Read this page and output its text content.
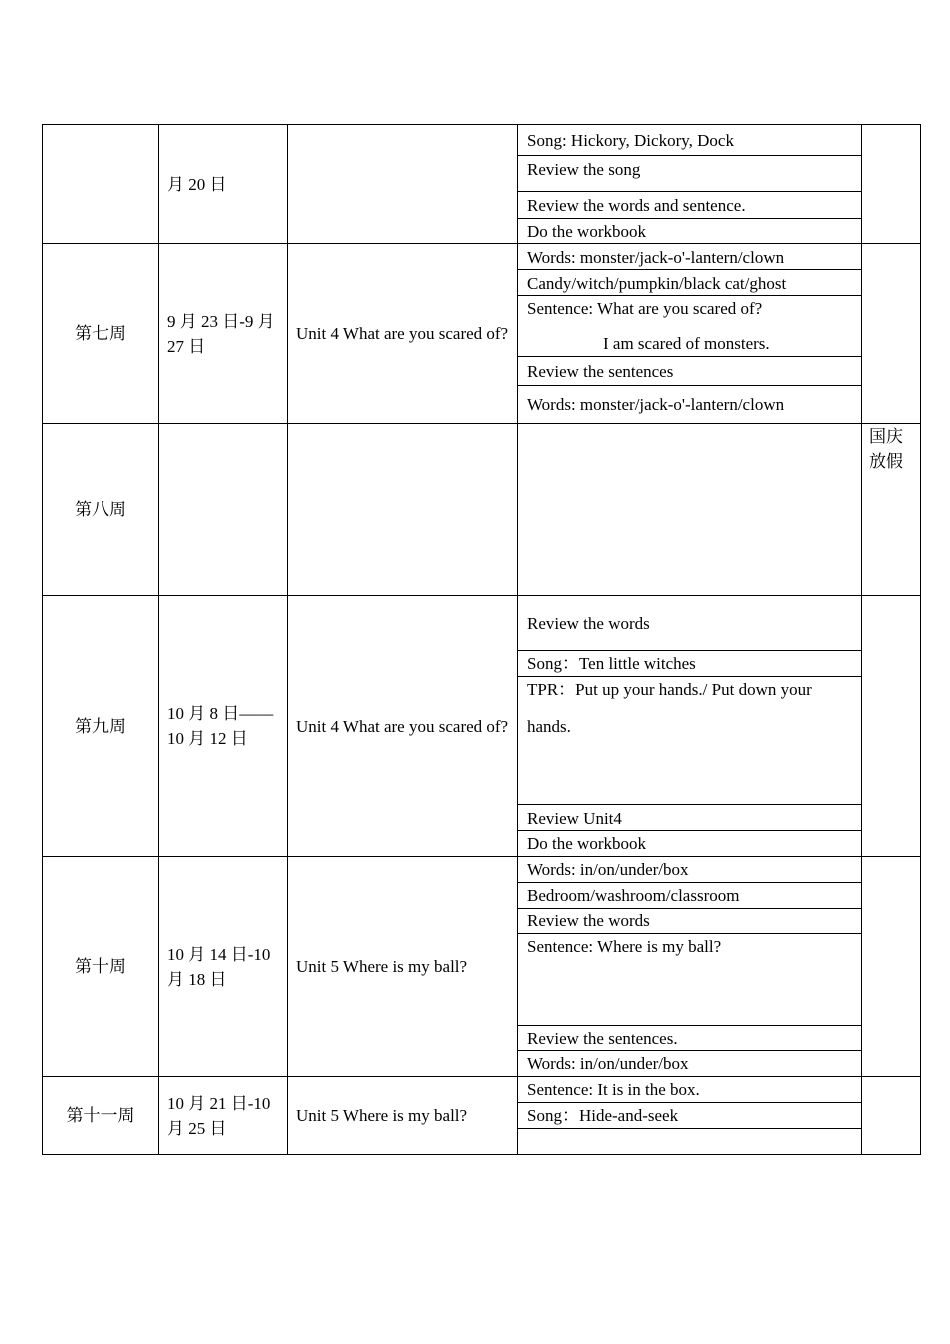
月 20 日
Song: Hickory, Dickory, Dock
Review the song
Review the words and sentence.
Do the workbook
第七周
9 月 23 日-9 月 27 日
Unit 4 What are you scared of?
Words: monster/jack-o'-lantern/clown
Candy/witch/pumpkin/black cat/ghost
Sentence: What are you scared of?
I am scared of monsters.
Review the sentences
Words: monster/jack-o'-lantern/clown
第八周
国庆放假
第九周
10 月 8 日——10 月 12 日
Unit 4 What are you scared of?
Review the words
Song：Ten little witches
TPR：Put up your hands./ Put down your
hands.
Review Unit4
Do the workbook
第十周
10 月 14 日-10 月 18 日
Unit 5 Where is my ball?
Words: in/on/under/box
Bedroom/washroom/classroom
Review the words
Sentence: Where is my ball?
Review the sentences.
Words: in/on/under/box
第十一周
10 月 21 日-10 月 25 日
Unit 5 Where is my ball?
Sentence: It is in the box.
Song：Hide-and-seek
